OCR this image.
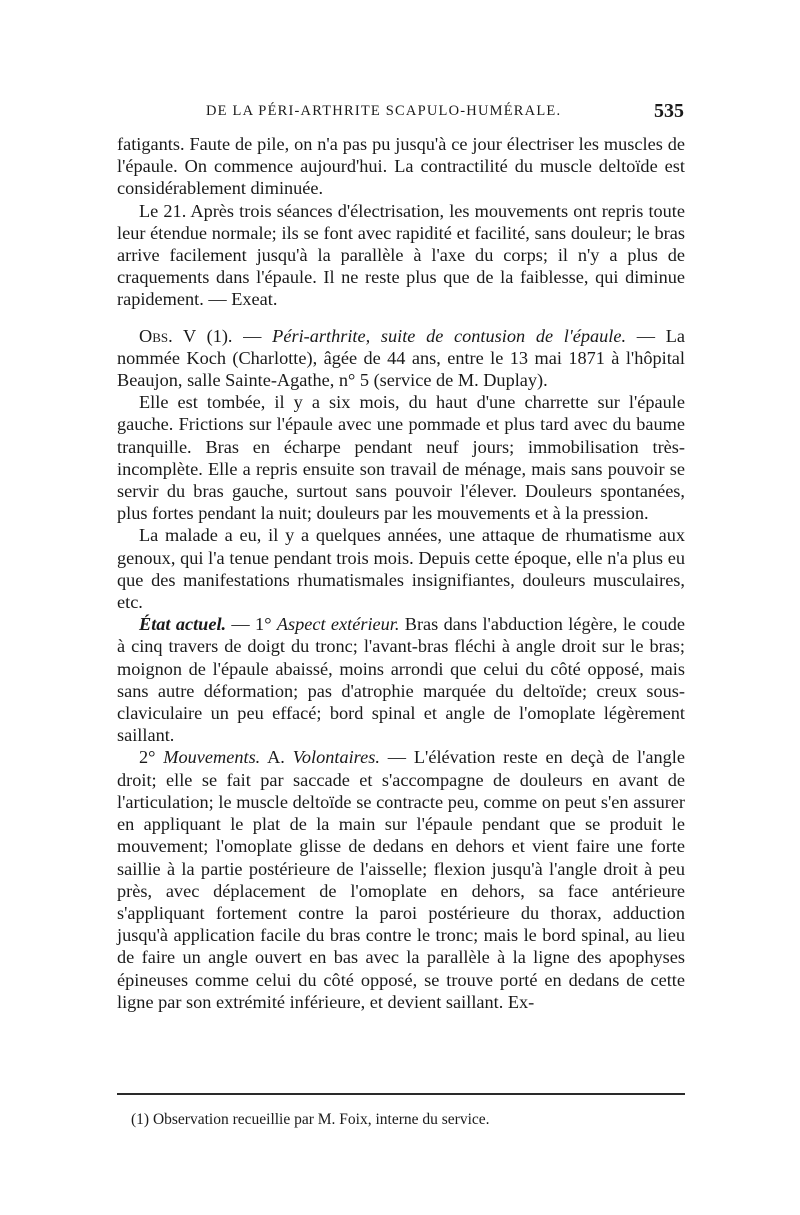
DE LA PÉRI-ARTHRITE SCAPULO-HUMÉRALE.	535

fatigants. Faute de pile, on n'a pas pu jusqu'à ce jour électriser les muscles de l'épaule. On commence aujourd'hui. La contractilité du muscle deltoïde est considérablement diminuée.

Le 21. Après trois séances d'électrisation, les mouvements ont repris toute leur étendue normale; ils se font avec rapidité et facilité, sans douleur; le bras arrive facilement jusqu'à la parallèle à l'axe du corps; il n'y a plus de craquements dans l'épaule. Il ne reste plus que de la faiblesse, qui diminue rapidement. — Exeat.

Obs. V (1). — Péri-arthrite, suite de contusion de l'épaule. — La nommée Koch (Charlotte), âgée de 44 ans, entre le 13 mai 1871 à l'hôpital Beaujon, salle Sainte-Agathe, n° 5 (service de M. Duplay).

Elle est tombée, il y a six mois, du haut d'une charrette sur l'épaule gauche. Frictions sur l'épaule avec une pommade et plus tard avec du baume tranquille. Bras en écharpe pendant neuf jours; immobilisation très-incomplète. Elle a repris ensuite son travail de ménage, mais sans pouvoir se servir du bras gauche, surtout sans pouvoir l'élever. Douleurs spontanées, plus fortes pendant la nuit; douleurs par les mouvements et à la pression.

La malade a eu, il y a quelques années, une attaque de rhumatisme aux genoux, qui l'a tenue pendant trois mois. Depuis cette époque, elle n'a plus eu que des manifestations rhumatismales insignifiantes, douleurs musculaires, etc.

État actuel. — 1° Aspect extérieur. Bras dans l'abduction légère, le coude à cinq travers de doigt du tronc; l'avant-bras fléchi à angle droit sur le bras; moignon de l'épaule abaissé, moins arrondi que celui du côté opposé, mais sans autre déformation; pas d'atrophie marquée du deltoïde; creux sous-claviculaire un peu effacé; bord spinal et angle de l'omoplate légèrement saillant.

2° Mouvements. A. Volontaires. — L'élévation reste en deçà de l'angle droit; elle se fait par saccade et s'accompagne de douleurs en avant de l'articulation; le muscle deltoïde se contracte peu, comme on peut s'en assurer en appliquant le plat de la main sur l'épaule pendant que se produit le mouvement; l'omoplate glisse de dedans en dehors et vient faire une forte saillie à la partie postérieure de l'aisselle; flexion jusqu'à l'angle droit à peu près, avec déplacement de l'omoplate en dehors, sa face antérieure s'appliquant fortement contre la paroi postérieure du thorax, adduction jusqu'à application facile du bras contre le tronc; mais le bord spinal, au lieu de faire un angle ouvert en bas avec la parallèle à la ligne des apophyses épineuses comme celui du côté opposé, se trouve porté en dedans de cette ligne par son extrémité inférieure, et devient saillant. Ex-

(1) Observation recueillie par M. Foix, interne du service.
